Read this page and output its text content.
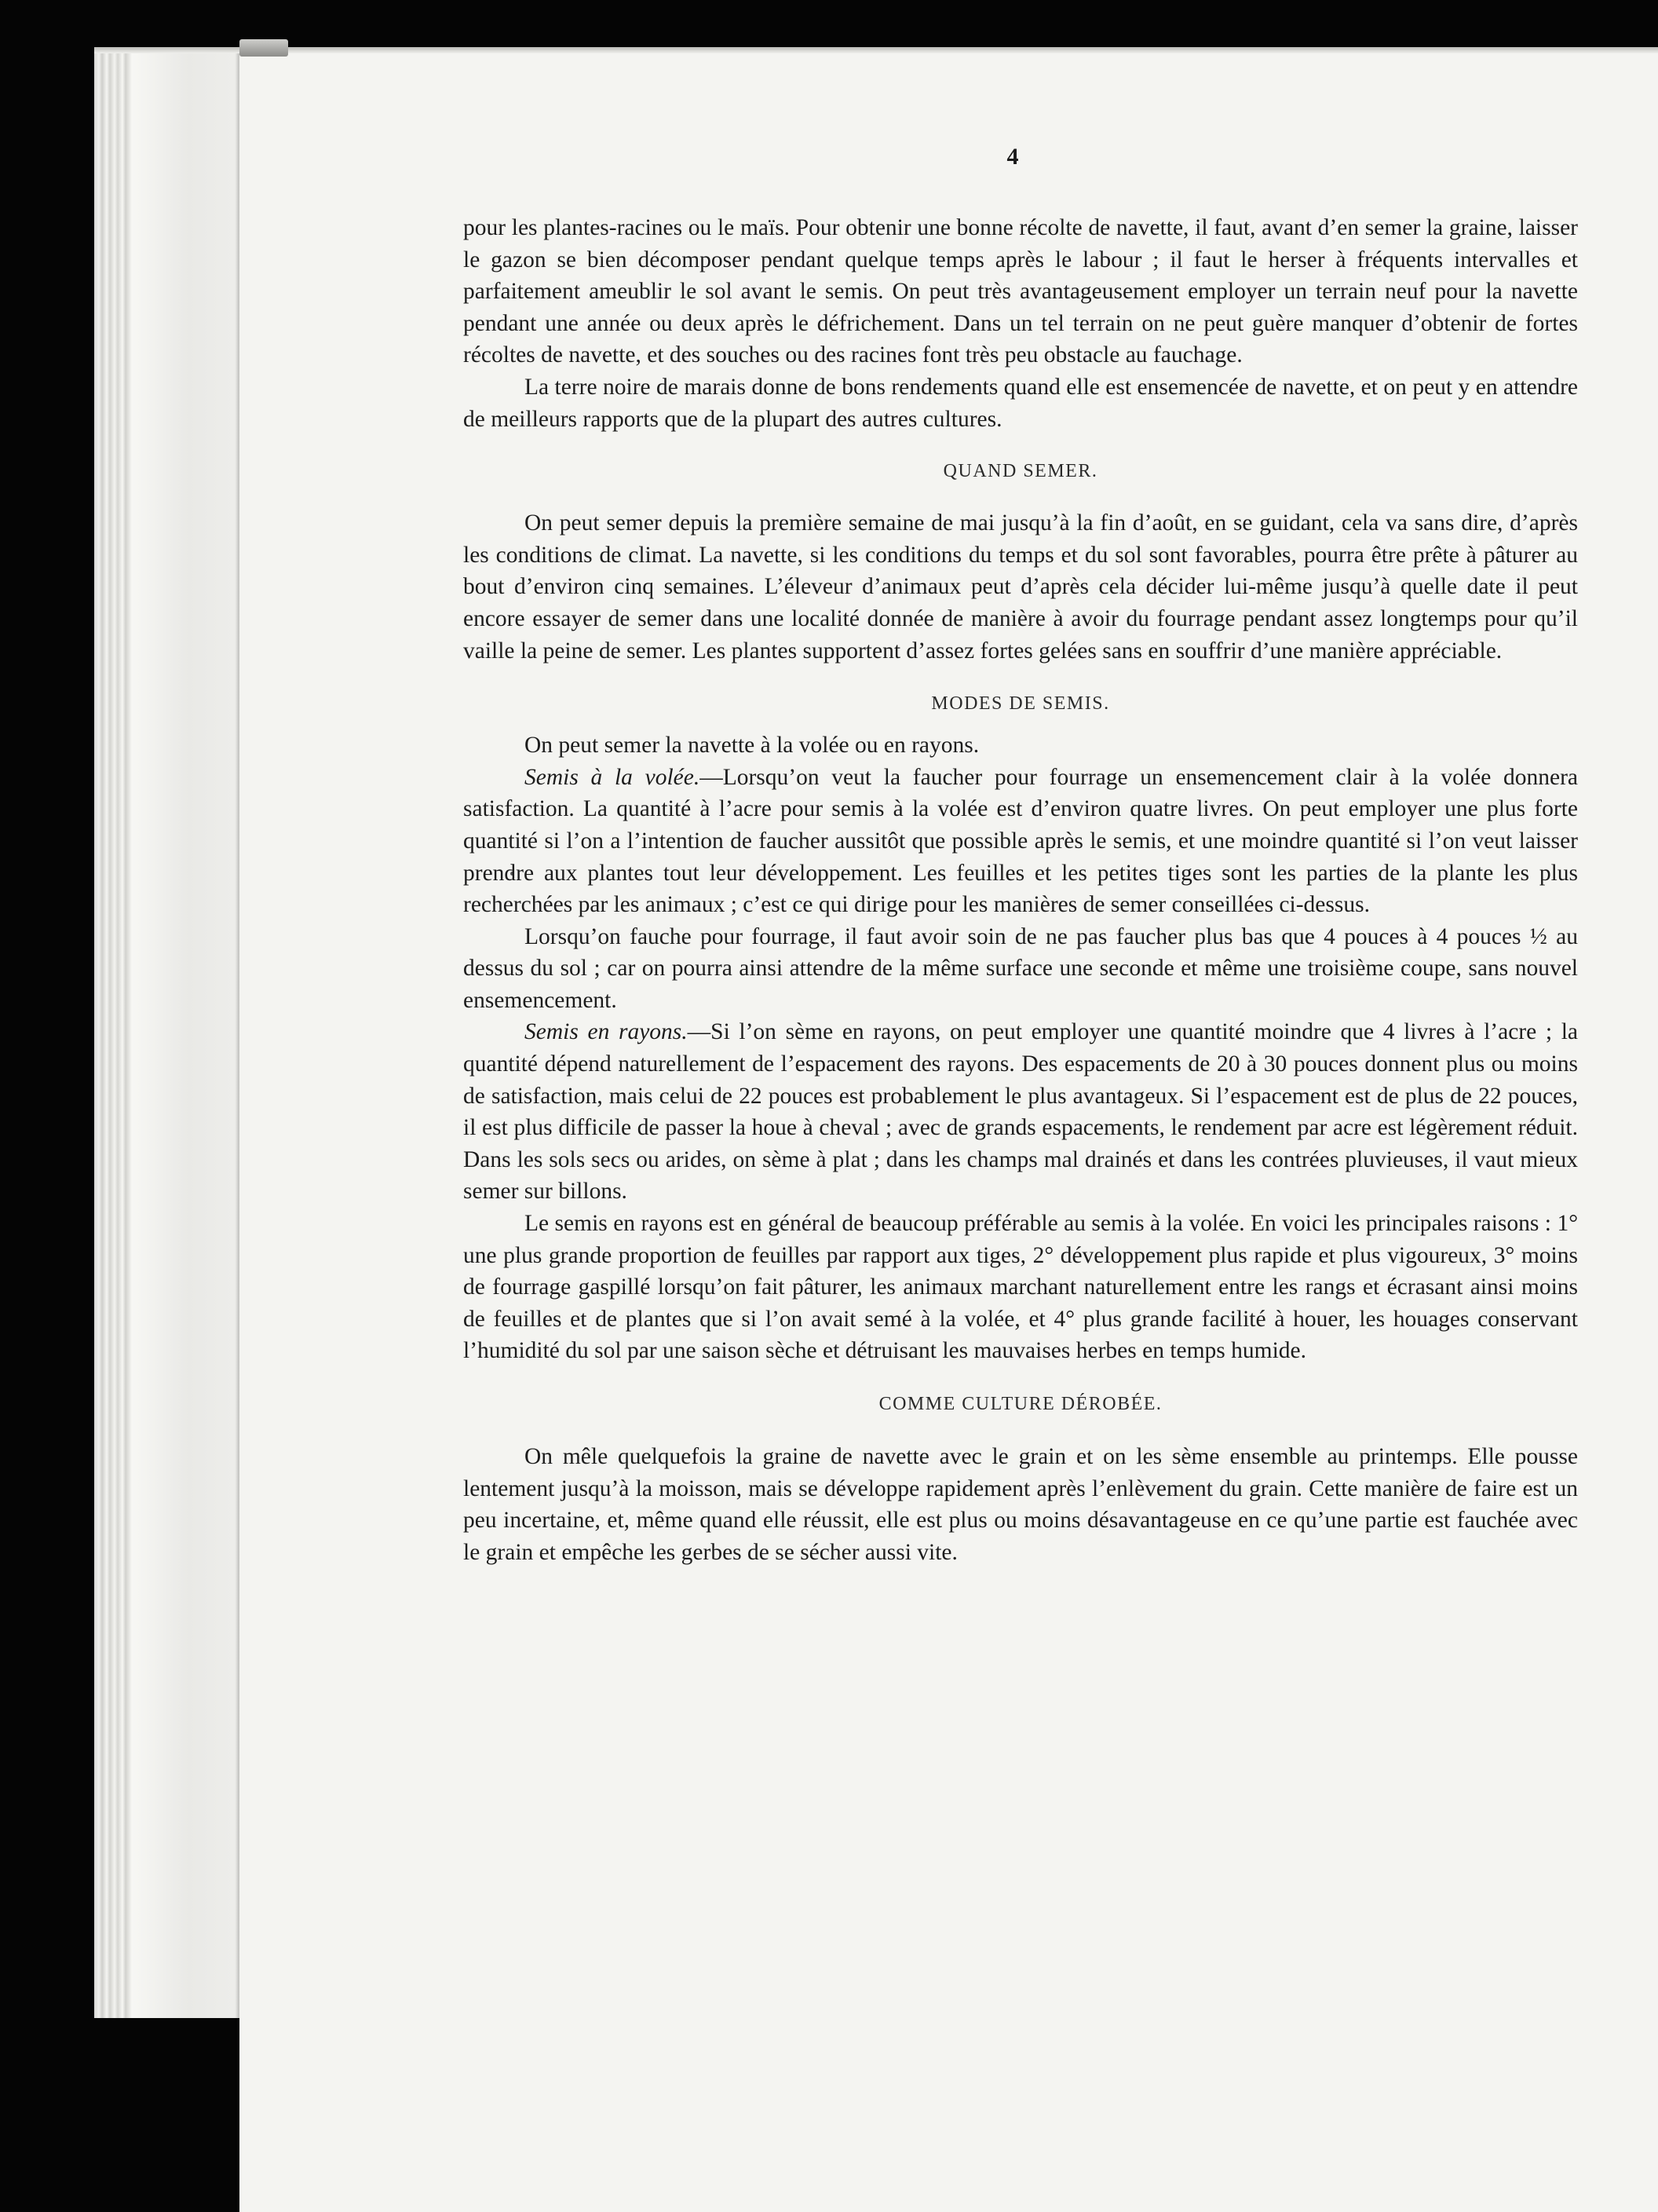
4

pour les plantes-racines ou le maïs. Pour obtenir une bonne récolte de navette, il faut, avant d’en semer la graine, laisser le gazon se bien décomposer pendant quelque temps après le labour ; il faut le herser à fréquents intervalles et parfaitement ameublir le sol avant le semis. On peut très avantageusement employer un terrain neuf pour la navette pendant une année ou deux après le défrichement. Dans un tel terrain on ne peut guère manquer d’obtenir de fortes récoltes de navette, et des souches ou des racines font très peu obstacle au fauchage.

La terre noire de marais donne de bons rendements quand elle est ensemencée de navette, et on peut y en attendre de meilleurs rapports que de la plupart des autres cultures.

QUAND SEMER.

On peut semer depuis la première semaine de mai jusqu’à la fin d’août, en se guidant, cela va sans dire, d’après les conditions de climat. La navette, si les conditions du temps et du sol sont favorables, pourra être prête à pâturer au bout d’environ cinq semaines. L’éleveur d’animaux peut d’après cela décider lui-même jusqu’à quelle date il peut encore essayer de semer dans une localité donnée de manière à avoir du fourrage pendant assez longtemps pour qu’il vaille la peine de semer. Les plantes supportent d’assez fortes gelées sans en souffrir d’une manière appréciable.

MODES DE SEMIS.

On peut semer la navette à la volée ou en rayons.

Semis à la volée.—Lorsqu’on veut la faucher pour fourrage un ensemencement clair à la volée donnera satisfaction. La quantité à l’acre pour semis à la volée est d’environ quatre livres. On peut employer une plus forte quantité si l’on a l’intention de faucher aussitôt que possible après le semis, et une moindre quantité si l’on veut laisser prendre aux plantes tout leur développement. Les feuilles et les petites tiges sont les parties de la plante les plus recherchées par les animaux ; c’est ce qui dirige pour les manières de semer conseillées ci-dessus.

Lorsqu’on fauche pour fourrage, il faut avoir soin de ne pas faucher plus bas que 4 pouces à 4 pouces ½ au dessus du sol ; car on pourra ainsi attendre de la même surface une seconde et même une troisième coupe, sans nouvel ensemencement.

Semis en rayons.—Si l’on sème en rayons, on peut employer une quantité moindre que 4 livres à l’acre ; la quantité dépend naturellement de l’espacement des rayons. Des espacements de 20 à 30 pouces donnent plus ou moins de satisfaction, mais celui de 22 pouces est probablement le plus avantageux. Si l’espacement est de plus de 22 pouces, il est plus difficile de passer la houe à cheval ; avec de grands espacements, le rendement par acre est légèrement réduit. Dans les sols secs ou arides, on sème à plat ; dans les champs mal drainés et dans les contrées pluvieuses, il vaut mieux semer sur billons.

Le semis en rayons est en général de beaucoup préférable au semis à la volée. En voici les principales raisons : 1° une plus grande proportion de feuilles par rapport aux tiges, 2° développement plus rapide et plus vigoureux, 3° moins de fourrage gaspillé lorsqu’on fait pâturer, les animaux marchant naturellement entre les rangs et écrasant ainsi moins de feuilles et de plantes que si l’on avait semé à la volée, et 4° plus grande facilité à houer, les houages conservant l’humidité du sol par une saison sèche et détruisant les mauvaises herbes en temps humide.

COMME CULTURE DÉROBÉE.

On mêle quelquefois la graine de navette avec le grain et on les sème ensemble au printemps. Elle pousse lentement jusqu’à la moisson, mais se développe rapidement après l’enlèvement du grain. Cette manière de faire est un peu incertaine, et, même quand elle réussit, elle est plus ou moins désavantageuse en ce qu’une partie est fauchée avec le grain et empêche les gerbes de se sécher aussi vite.
